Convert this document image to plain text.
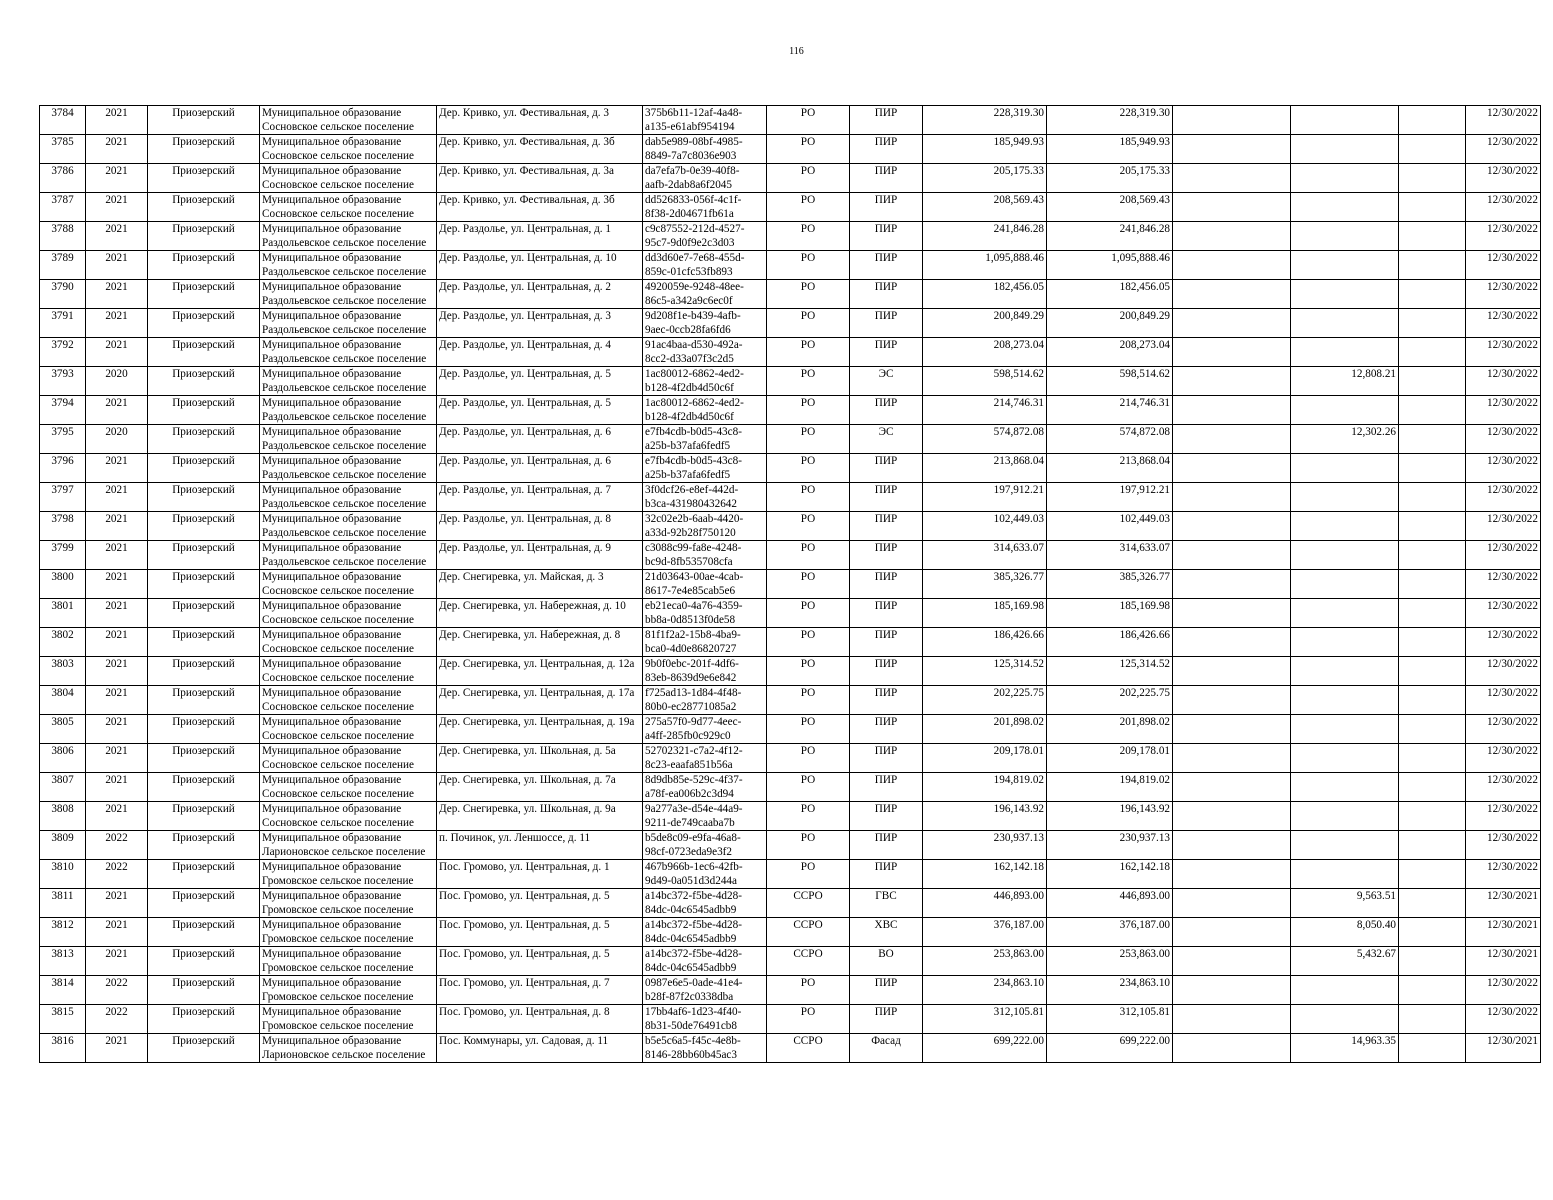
116
3784	2021	Приозерский	Муниципальное образование
Сосновское сельское поселение	Дер. Кривко, ул. Фестивальная, д. 3	375b6b11-12af-4a48-
a135-e61abf954194	РО	ПИР	228,319.30	228,319.30				12/30/2022
3785	2021	Приозерский	Муниципальное образование
Сосновское сельское поселение	Дер. Кривко, ул. Фестивальная, д. 3б	dab5e989-08bf-4985-
8849-7a7c8036e903	РО	ПИР	185,949.93	185,949.93				12/30/2022
3786	2021	Приозерский	Муниципальное образование
Сосновское сельское поселение	Дер. Кривко, ул. Фестивальная, д. 3а	da7efa7b-0e39-40f8-
aafb-2dab8a6f2045	РО	ПИР	205,175.33	205,175.33				12/30/2022
3787	2021	Приозерский	Муниципальное образование
Сосновское сельское поселение	Дер. Кривко, ул. Фестивальная, д. 3б	dd526833-056f-4c1f-
8f38-2d04671fb61a	РО	ПИР	208,569.43	208,569.43				12/30/2022
3788	2021	Приозерский	Муниципальное образование
Раздольевское сельское поселение	Дер. Раздолье, ул. Центральная, д. 1	c9c87552-212d-4527-
95c7-9d0f9e2c3d03	РО	ПИР	241,846.28	241,846.28				12/30/2022
3789	2021	Приозерский	Муниципальное образование
Раздольевское сельское поселение	Дер. Раздолье, ул. Центральная, д. 10	dd3d60e7-7e68-455d-
859c-01cfc53fb893	РО	ПИР	1,095,888.46	1,095,888.46				12/30/2022
3790	2021	Приозерский	Муниципальное образование
Раздольевское сельское поселение	Дер. Раздолье, ул. Центральная, д. 2	4920059e-9248-48ee-
86c5-a342a9c6ec0f	РО	ПИР	182,456.05	182,456.05				12/30/2022
3791	2021	Приозерский	Муниципальное образование
Раздольевское сельское поселение	Дер. Раздолье, ул. Центральная, д. 3	9d208f1e-b439-4afb-
9aec-0ccb28fa6fd6	РО	ПИР	200,849.29	200,849.29				12/30/2022
3792	2021	Приозерский	Муниципальное образование
Раздольевское сельское поселение	Дер. Раздолье, ул. Центральная, д. 4	91ac4baa-d530-492a-
8cc2-d33a07f3c2d5	РО	ПИР	208,273.04	208,273.04				12/30/2022
3793	2020	Приозерский	Муниципальное образование
Раздольевское сельское поселение	Дер. Раздолье, ул. Центральная, д. 5	1ac80012-6862-4ed2-
b128-4f2db4d50c6f	РО	ЭС	598,514.62	598,514.62		12,808.21		12/30/2022
3794	2021	Приозерский	Муниципальное образование
Раздольевское сельское поселение	Дер. Раздолье, ул. Центральная, д. 5	1ac80012-6862-4ed2-
b128-4f2db4d50c6f	РО	ПИР	214,746.31	214,746.31				12/30/2022
3795	2020	Приозерский	Муниципальное образование
Раздольевское сельское поселение	Дер. Раздолье, ул. Центральная, д. 6	e7fb4cdb-b0d5-43c8-
a25b-b37afa6fedf5	РО	ЭС	574,872.08	574,872.08		12,302.26		12/30/2022
3796	2021	Приозерский	Муниципальное образование
Раздольевское сельское поселение	Дер. Раздолье, ул. Центральная, д. 6	e7fb4cdb-b0d5-43c8-
a25b-b37afa6fedf5	РО	ПИР	213,868.04	213,868.04				12/30/2022
3797	2021	Приозерский	Муниципальное образование
Раздольевское сельское поселение	Дер. Раздолье, ул. Центральная, д. 7	3f0dcf26-e8ef-442d-
b3ca-431980432642	РО	ПИР	197,912.21	197,912.21				12/30/2022
3798	2021	Приозерский	Муниципальное образование
Раздольевское сельское поселение	Дер. Раздолье, ул. Центральная, д. 8	32c02e2b-6aab-4420-
a33d-92b28f750120	РО	ПИР	102,449.03	102,449.03				12/30/2022
3799	2021	Приозерский	Муниципальное образование
Раздольевское сельское поселение	Дер. Раздолье, ул. Центральная, д. 9	c3088c99-fa8e-4248-
bc9d-8fb535708cfa	РО	ПИР	314,633.07	314,633.07				12/30/2022
3800	2021	Приозерский	Муниципальное образование
Сосновское сельское поселение	Дер. Снегиревка, ул. Майская, д. 3	21d03643-00ae-4cab-
8617-7e4e85cab5e6	РО	ПИР	385,326.77	385,326.77				12/30/2022
3801	2021	Приозерский	Муниципальное образование
Сосновское сельское поселение	Дер. Снегиревка, ул. Набережная, д. 10	eb21eca0-4a76-4359-
bb8a-0d8513f0de58	РО	ПИР	185,169.98	185,169.98				12/30/2022
3802	2021	Приозерский	Муниципальное образование
Сосновское сельское поселение	Дер. Снегиревка, ул. Набережная, д. 8	81f1f2a2-15b8-4ba9-
bca0-4d0e86820727	РО	ПИР	186,426.66	186,426.66				12/30/2022
3803	2021	Приозерский	Муниципальное образование
Сосновское сельское поселение	Дер. Снегиревка, ул. Центральная, д. 12а	9b0f0ebc-201f-4df6-
83eb-8639d9e6e842	РО	ПИР	125,314.52	125,314.52				12/30/2022
3804	2021	Приозерский	Муниципальное образование
Сосновское сельское поселение	Дер. Снегиревка, ул. Центральная, д. 17а	f725ad13-1d84-4f48-
80b0-ec28771085a2	РО	ПИР	202,225.75	202,225.75				12/30/2022
3805	2021	Приозерский	Муниципальное образование
Сосновское сельское поселение	Дер. Снегиревка, ул. Центральная, д. 19а	275a57f0-9d77-4eec-
a4ff-285fb0c929c0	РО	ПИР	201,898.02	201,898.02				12/30/2022
3806	2021	Приозерский	Муниципальное образование
Сосновское сельское поселение	Дер. Снегиревка, ул. Школьная, д. 5а	52702321-c7a2-4f12-
8c23-eaafa851b56a	РО	ПИР	209,178.01	209,178.01				12/30/2022
3807	2021	Приозерский	Муниципальное образование
Сосновское сельское поселение	Дер. Снегиревка, ул. Школьная, д. 7а	8d9db85e-529c-4f37-
a78f-ea006b2c3d94	РО	ПИР	194,819.02	194,819.02				12/30/2022
3808	2021	Приозерский	Муниципальное образование
Сосновское сельское поселение	Дер. Снегиревка, ул. Школьная, д. 9а	9a277a3e-d54e-44a9-
9211-de749caaba7b	РО	ПИР	196,143.92	196,143.92				12/30/2022
3809	2022	Приозерский	Муниципальное образование
Ларионовское сельское поселение	п. Починок, ул. Леншоссе, д. 11	b5de8c09-e9fa-46a8-
98cf-0723eda9e3f2	РО	ПИР	230,937.13	230,937.13				12/30/2022
3810	2022	Приозерский	Муниципальное образование
Громовское сельское поселение	Пос. Громово, ул. Центральная, д. 1	467b966b-1ec6-42fb-
9d49-0a051d3d244a	РО	ПИР	162,142.18	162,142.18				12/30/2022
3811	2021	Приозерский	Муниципальное образование
Громовское сельское поселение	Пос. Громово, ул. Центральная, д. 5	a14bc372-f5be-4d28-
84dc-04c6545adbb9	ССРО	ГВС	446,893.00	446,893.00		9,563.51		12/30/2021
3812	2021	Приозерский	Муниципальное образование
Громовское сельское поселение	Пос. Громово, ул. Центральная, д. 5	a14bc372-f5be-4d28-
84dc-04c6545adbb9	ССРО	ХВС	376,187.00	376,187.00		8,050.40		12/30/2021
3813	2021	Приозерский	Муниципальное образование
Громовское сельское поселение	Пос. Громово, ул. Центральная, д. 5	a14bc372-f5be-4d28-
84dc-04c6545adbb9	ССРО	ВО	253,863.00	253,863.00		5,432.67		12/30/2021
3814	2022	Приозерский	Муниципальное образование
Громовское сельское поселение	Пос. Громово, ул. Центральная, д. 7	0987e6e5-0ade-41e4-
b28f-87f2c0338dba	РО	ПИР	234,863.10	234,863.10				12/30/2022
3815	2022	Приозерский	Муниципальное образование
Громовское сельское поселение	Пос. Громово, ул. Центральная, д. 8	17bb4af6-1d23-4f40-
8b31-50de76491cb8	РО	ПИР	312,105.81	312,105.81				12/30/2022
3816	2021	Приозерский	Муниципальное образование
Ларионовское сельское поселение	Пос. Коммунары, ул. Садовая, д. 11	b5e5c6a5-f45c-4e8b-
8146-28bb60b45ac3	ССРО	Фасад	699,222.00	699,222.00		14,963.35		12/30/2021
